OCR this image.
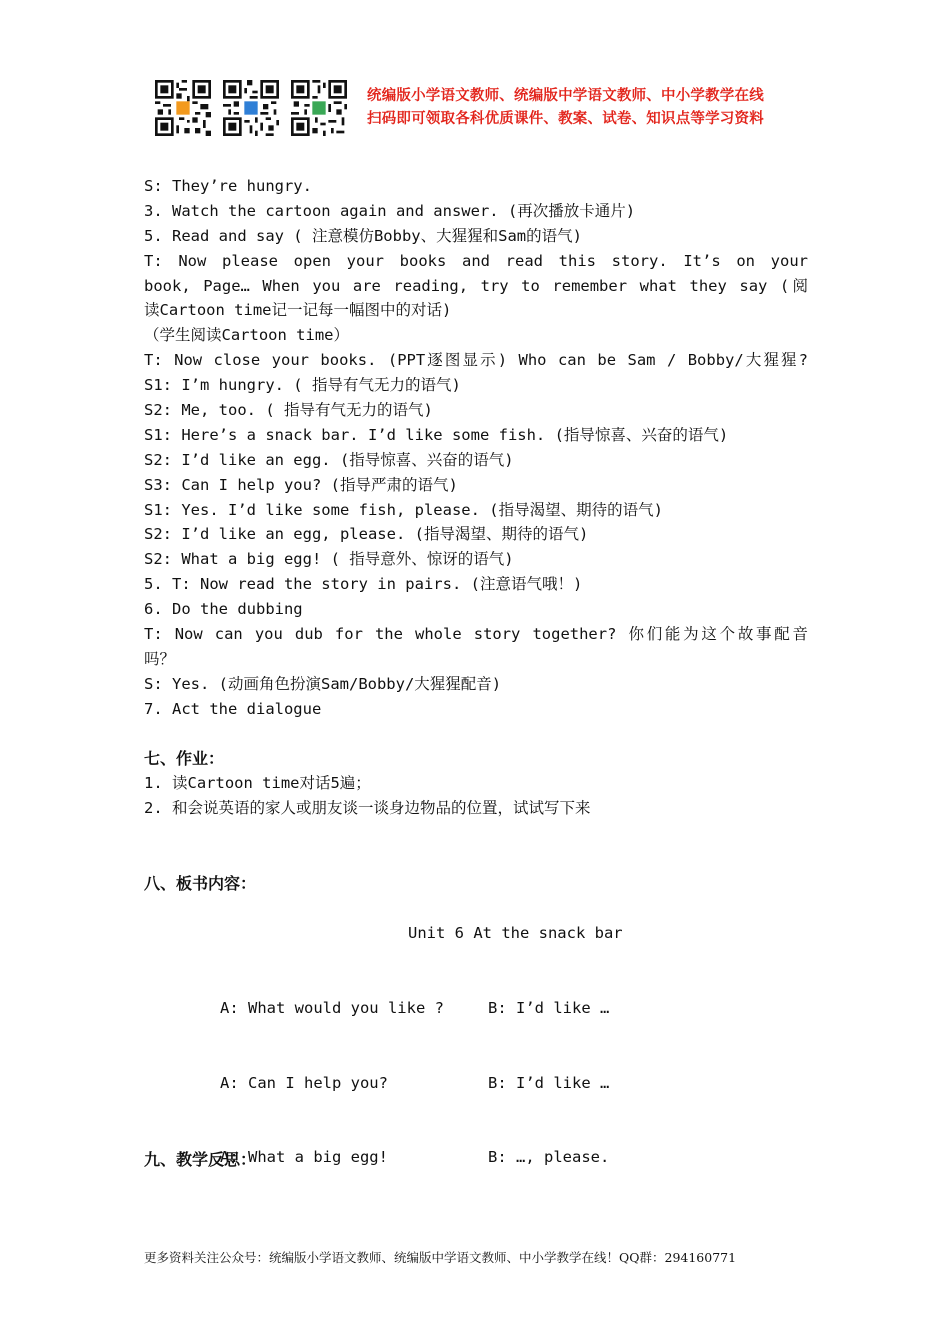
统编版小学语文教师、统编版中学语文教师、中小学教学在线
扫码即可领取各科优质课件、教案、试卷、知识点等学习资料
S: They’re hungry.
3. Watch the cartoon again and answer. (再次播放卡通片)
5. Read and say ( 注意模仿Bobby、大猩猩和Sam的语气)
T: Now please open your books and read this story. It’s on your
book, Page… When you are reading, try to remember what they say (阅
读Cartoon time记一记每一幅图中的对话)
（学生阅读Cartoon time）
T: Now close your books. (PPT逐图显示) Who can be Sam / Bobby/大猩猩?
S1: I’m hungry. ( 指导有气无力的语气)
S2: Me, too. ( 指导有气无力的语气)
S1: Here’s a snack bar. I’d like some fish. (指导惊喜、兴奋的语气)
S2: I’d like an egg. (指导惊喜、兴奋的语气)
S3: Can I help you? (指导严肃的语气)
S1: Yes. I’d like some fish, please. (指导渴望、期待的语气)
S2: I’d like an egg, please. (指导渴望、期待的语气)
S2: What a big egg! ( 指导意外、惊讶的语气)
5. T: Now read the story in pairs. (注意语气哦！)
6. Do the dubbing
T: Now can you dub for the whole story together? 你们能为这个故事配音
吗？
S: Yes. (动画角色扮演Sam/Bobby/大猩猩配音)
7. Act the dialogue
七、作业：
1. 读Cartoon time对话5遍；
2. 和会说英语的家人或朋友谈一谈身边物品的位置，试试写下来
八、板书内容：
Unit 6 At the snack bar

A: What would you like ?

A: Can I help you?

A: What a big egg!

B: I’d like …

B: I’d like …

B: …, please.

九、教学反思：
更多资料关注公众号：统编版小学语文教师、统编版中学语文教师、中小学教学在线！QQ群：294160771
